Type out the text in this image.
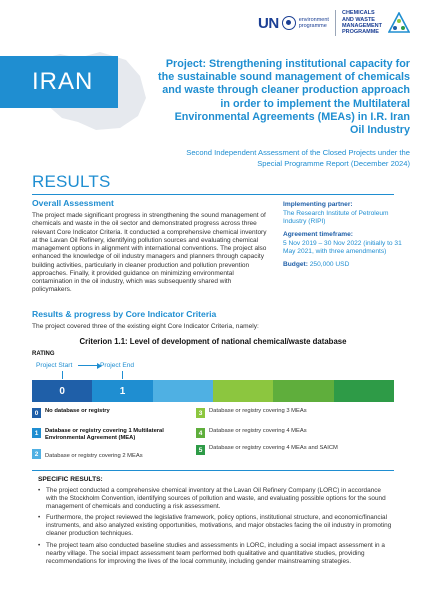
UN	environment
programme
CHEMICALS
AND WASTE
MANAGEMENT
PROGRAMME
IRAN
Project: Strengthening institutional capacity for the sustainable sound management of chemicals and waste through cleaner production approach in order to implement the Multilateral Environmental Agreements (MEAs) in I.R. Iran Oil Industry
Second Independent Assessment of the Closed Projects under the Special Programme Report (December 2024)
RESULTS
Overall Assessment

The project made significant progress in strengthening the sound management of chemicals and waste in the oil sector and demonstrated progress across three relevant Core Indicator Criteria. It conducted a comprehensive chemical inventory at the Lavan Oil Refinery, identifying pollution sources and evaluating chemical management options in alignment with international conventions. The project also enhanced the knowledge of oil industry managers and planners through capacity building activities, particularly in cleaner production and pollution prevention approaches. Finally, it provided guidance on minimizing environmental contamination in the oil industry, which was subsequently shared with policymakers.

Implementing partner:
The Research Institute of Petroleum Industry (RIPI)
Agreement timeframe:
5 Nov 2019 – 30 Nov 2022 (initially to 31 May 2021, with three amendments)
Budget: 250,000 USD
Results & progress by Core Indicator Criteria
The project covered three of the existing eight Core Indicator Criteria, namely:
Criterion 1.1: Level of development of national chemical/waste database
RATING
Project Start	Project End
0	1
0	No database or registry
1	Database or registry covering 1 Multilateral Environmental Agreement (MEA)
2	Database or registry covering 2 MEAs
3	Database or registry covering 3 MEAs
4	Database or registry covering 4 MEAs
5	Database or registry covering 4 MEAs and SAICM
SPECIFIC RESULTS:
• The project conducted a comprehensive chemical inventory at the Lavan Oil Refinery Company (LORC) in accordance with the Stockholm Convention, identifying sources of pollution and waste, and evaluating possible options for the sound management of chemicals and conducting a risk assessment.
• Furthermore, the project reviewed the legislative framework, policy options, institutional structure, and economic/financial instruments, and also analyzed existing opportunities, motivations, and major obstacles facing the oil industry in promoting cleaner production techniques.
• The project team also conducted baseline studies and assessments in LORC, including a social impact assessment in a nearby village. The social impact assessment team performed both qualitative and quantitative studies, providing recommendations for improving the lives of the local community, including gender mainstreaming strategies.
